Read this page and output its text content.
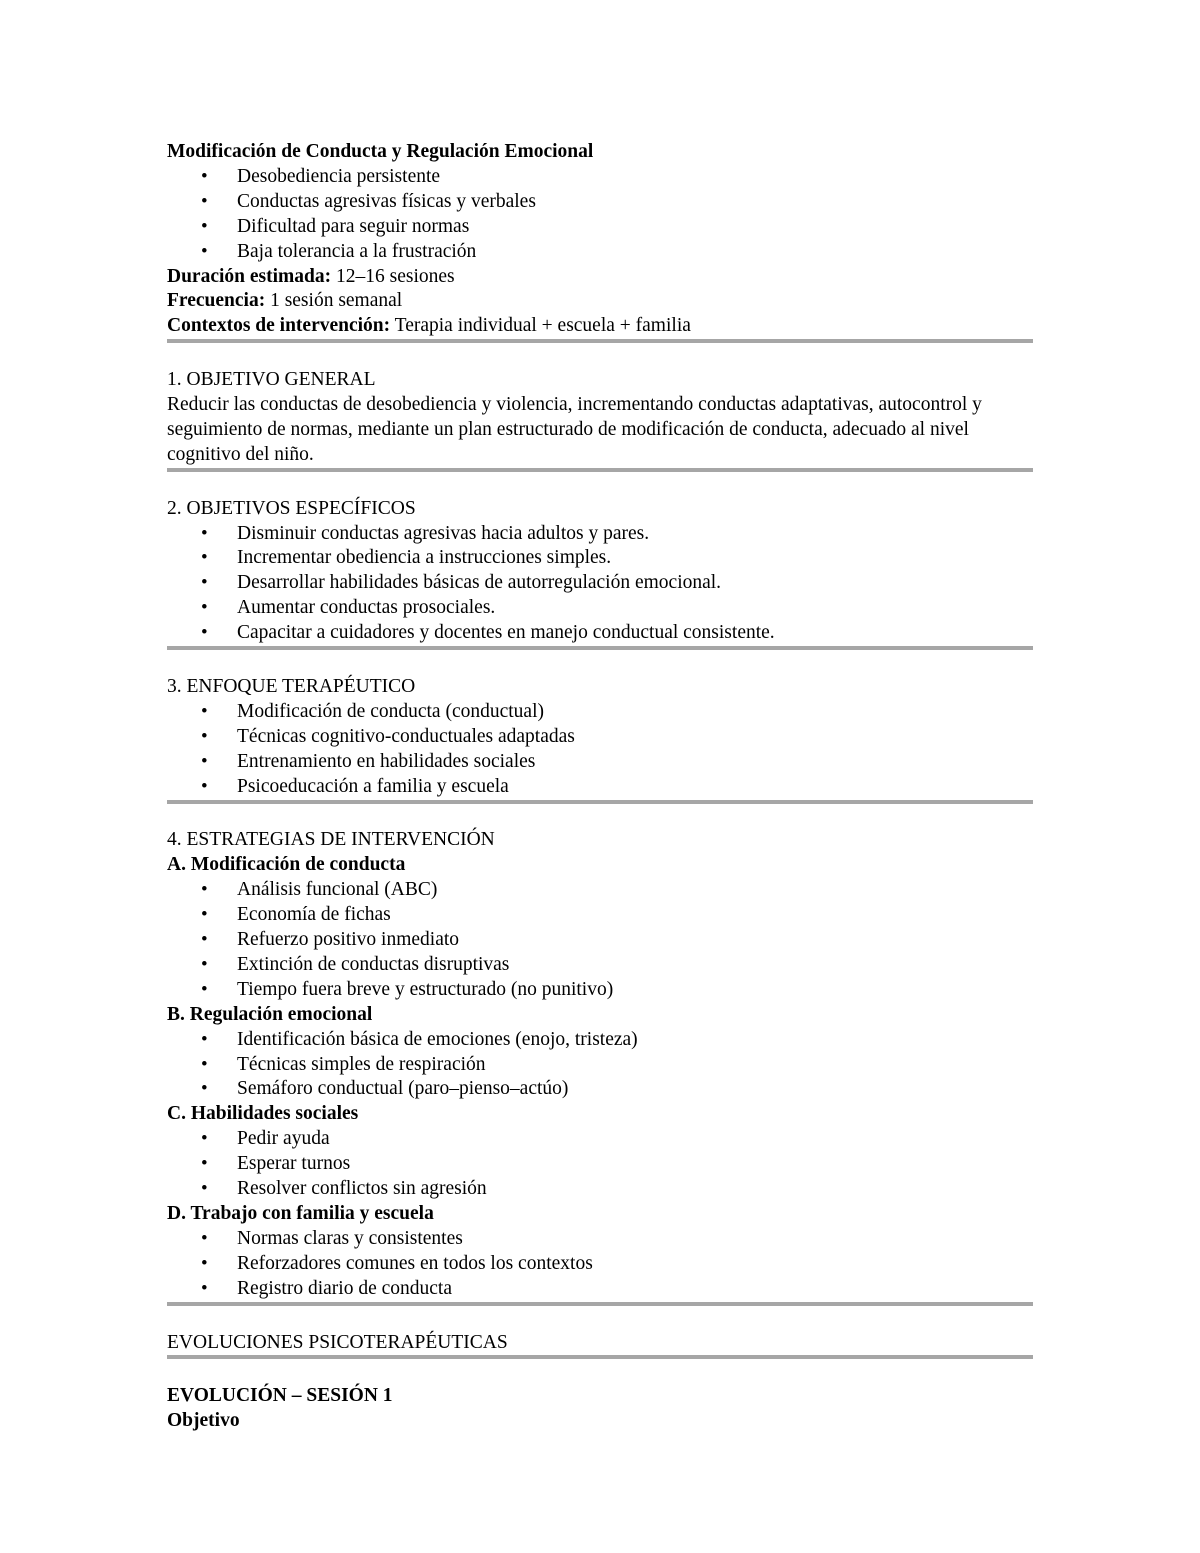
Modificación de Conducta y Regulación Emocional

• Desobediencia persistente
• Conductas agresivas físicas y verbales
• Dificultad para seguir normas
• Baja tolerancia a la frustración

Duración estimada: 12–16 sesiones

Frecuencia: 1 sesión semanal

Contextos de intervención: Terapia individual + escuela + familia

1. OBJETIVO GENERAL

Reducir las conductas de desobediencia y violencia, incrementando conductas adaptativas, autocontrol y seguimiento de normas, mediante un plan estructurado de modificación de conducta, adecuado al nivel cognitivo del niño.

2. OBJETIVOS ESPECÍFICOS

• Disminuir conductas agresivas hacia adultos y pares.
• Incrementar obediencia a instrucciones simples.
• Desarrollar habilidades básicas de autorregulación emocional.
• Aumentar conductas prosociales.
• Capacitar a cuidadores y docentes en manejo conductual consistente.

3. ENFOQUE TERAPÉUTICO

• Modificación de conducta (conductual)
• Técnicas cognitivo-conductuales adaptadas
• Entrenamiento en habilidades sociales
• Psicoeducación a familia y escuela

4. ESTRATEGIAS DE INTERVENCIÓN

A. Modificación de conducta

• Análisis funcional (ABC)
• Economía de fichas
• Refuerzo positivo inmediato
• Extinción de conductas disruptivas
• Tiempo fuera breve y estructurado (no punitivo)

B. Regulación emocional

• Identificación básica de emociones (enojo, tristeza)
• Técnicas simples de respiración
• Semáforo conductual (paro–pienso–actúo)

C. Habilidades sociales

• Pedir ayuda
• Esperar turnos
• Resolver conflictos sin agresión

D. Trabajo con familia y escuela

• Normas claras y consistentes
• Reforzadores comunes en todos los contextos
• Registro diario de conducta

EVOLUCIONES PSICOTERAPÉUTICAS

EVOLUCIÓN – SESIÓN 1

Objetivo
